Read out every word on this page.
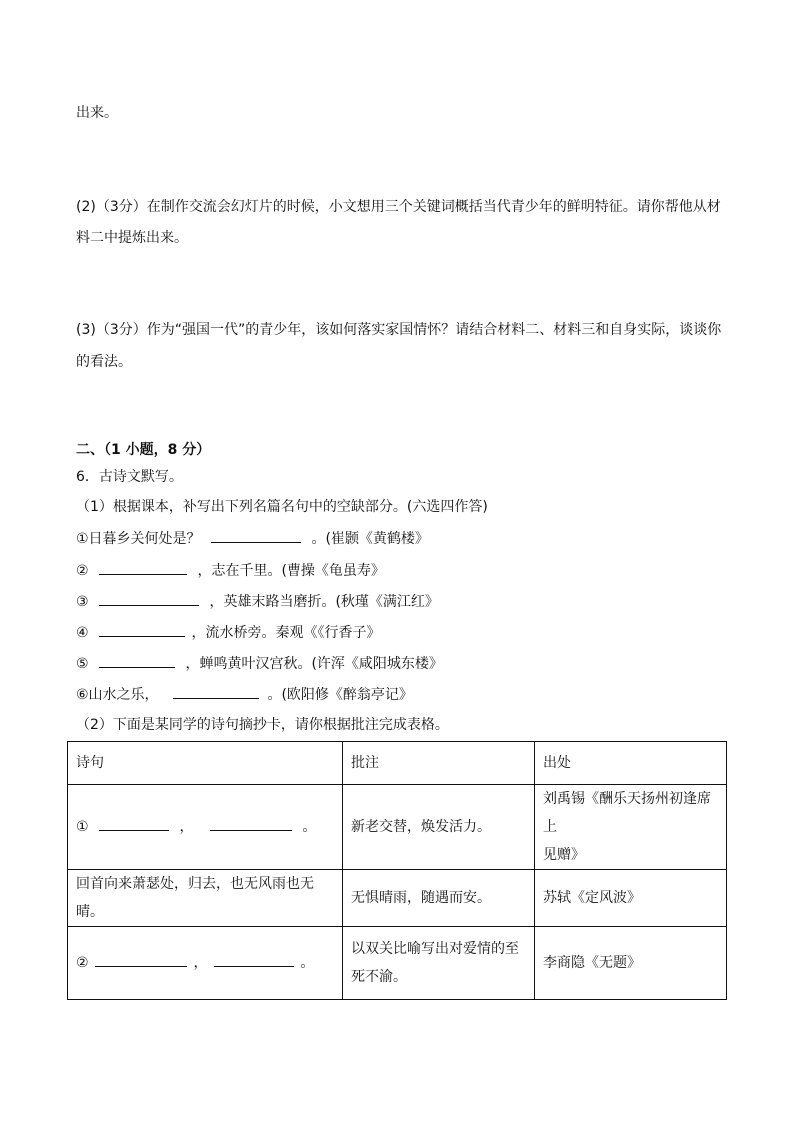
出来。
(2)（3分）在制作交流会幻灯片的时候，小文想用三个关键词概括当代青少年的鲜明特征。请你帮他从材
料二中提炼出来。
(3)（3分）作为“强国一代”的青少年，该如何落实家国情怀？请结合材料二、材料三和自身实际，谈谈你
的看法。
二、（1 小题，8 分）
6．古诗文默写。
（1）根据课本，补写出下列名篇名句中的空缺部分。(六选四作答)
①日暮乡关何处是？	。(崔颢《黄鹤楼》
②	，志在千里。(曹操《龟虽寿》
③	，英雄末路当磨折。(秋瑾《满江红》
④	，流水桥旁。秦观《《行香子》
⑤	，蝉鸣黄叶汉宫秋。(许浑《咸阳城东楼》
⑥山水之乐，	。(欧阳修《醉翁亭记》
（2）下面是某同学的诗句摘抄卡，请你根据批注完成表格。
诗句	批注	出处
① ， 。	新老交替，焕发活力。	刘禹锡《酬乐天扬州初逢席上
见赠》

回首向来萧瑟处，归去，也无风雨也无晴。	无惧晴雨，随遇而安。	苏轼《定风波》
② ， 。	以双关比喻写出对爱情的至
死不渝。	李商隐《无题》
